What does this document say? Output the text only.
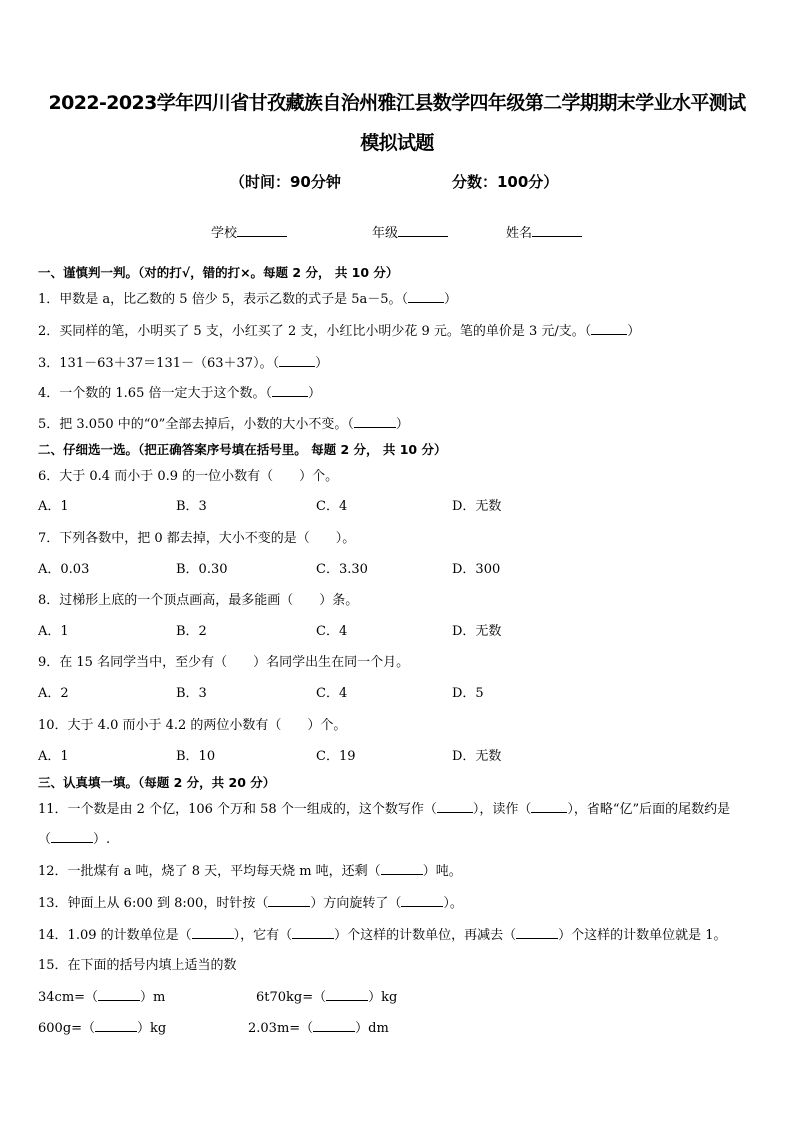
2022-2023学年四川省甘孜藏族自治州雅江县数学四年级第二学期期末学业水平测试
模拟试题
（时间：90分钟	分数：100分）
学校	年级	姓名
一、谨慎判一判。（对的打√，错的打×。每题 2 分， 共 10 分）
1．甲数是 a，比乙数的 5 倍少 5，表示乙数的式子是 5a－5。（	）
2．买同样的笔，小明买了 5 支，小红买了 2 支，小红比小明少花 9 元。笔的单价是 3 元/支。（	）
3．131－63＋37＝131－（63＋37）。（	）
4．一个数的 1.65 倍一定大于这个数。（	）
5．把 3.050 中的“0”全部去掉后，小数的大小不变。（	）
二、仔细选一选。（把正确答案序号填在括号里。 每题 2 分， 共 10 分）
6．大于 0.4 而小于 0.9 的一位小数有（　　）个。
A．1	B．3	C．4	D．无数
7．下列各数中，把 0 都去掉，大小不变的是（　　）。
A．0.03	B．0.30	C．3.30	D．300
8．过梯形上底的一个顶点画高，最多能画（　　）条。
A．1	B．2	C．4	D．无数
9．在 15 名同学当中，至少有（　　）名同学出生在同一个月。
A．2	B．3	C．4	D．5
10．大于 4.0 而小于 4.2 的两位小数有（　　）个。
A．1	B．10	C．19	D．无数
三、认真填一填。（每题 2 分，共 20 分）
11．一个数是由 2 个亿，106 个万和 58 个一组成的，这个数写作（	），读作（	），省略“亿”后面的尾数约是
（	）.
12．一批煤有 a 吨，烧了 8 天，平均每天烧 m 吨，还剩（	）吨。
13．钟面上从 6:00 到 8:00，时针按（	）方向旋转了（	）。
14．1.09 的计数单位是（	），它有（	）个这样的计数单位，再减去（	）个这样的计数单位就是 1。
15．在下面的括号内填上适当的数
34cm=（	）m	6t70kg=（	）kg
600g=（	）kg	2.03m=（	）dm
